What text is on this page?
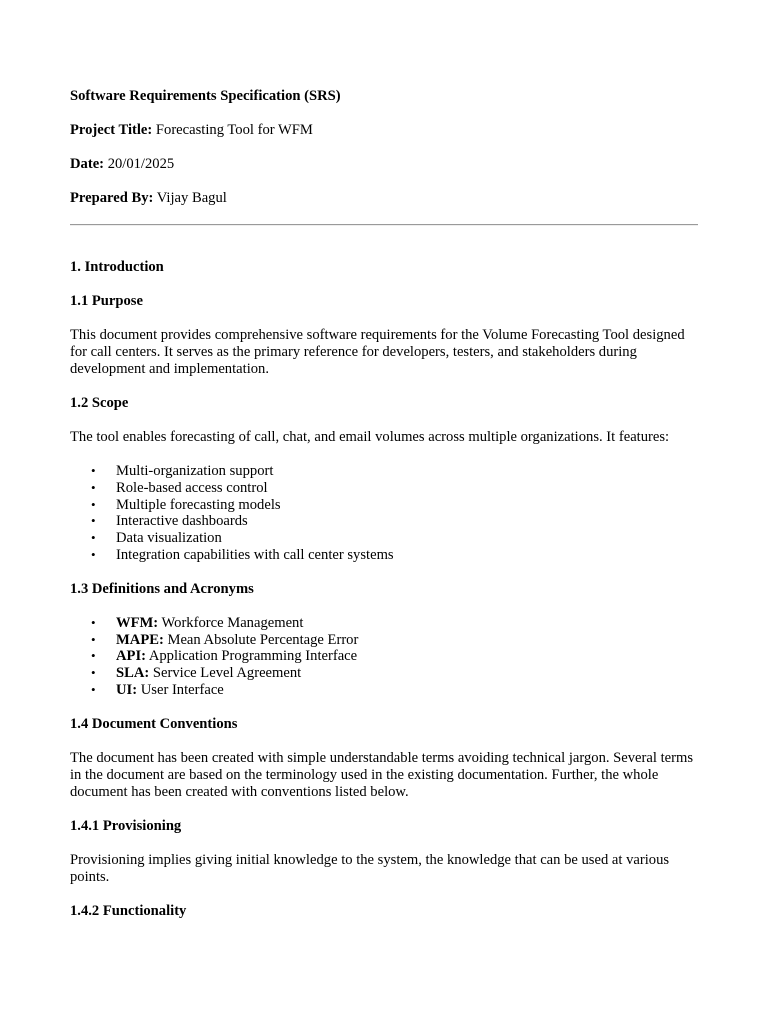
Software Requirements Specification (SRS)

Project Title: Forecasting Tool for WFM

Date: 20/01/2025

Prepared By: Vijay Bagul

1. Introduction
1.1 Purpose

This document provides comprehensive software requirements for the Volume Forecasting Tool designed for call centers. It serves as the primary reference for developers, testers, and stakeholders during development and implementation.

1.2 Scope

The tool enables forecasting of call, chat, and email volumes across multiple organizations. It features:

• Multi-organization support
• Role-based access control
• Multiple forecasting models
• Interactive dashboards
• Data visualization
• Integration capabilities with call center systems
1.3 Definitions and Acronyms
• WFM: Workforce Management
• MAPE: Mean Absolute Percentage Error
• API: Application Programming Interface
• SLA: Service Level Agreement
• UI: User Interface
1.4 Document Conventions

The document has been created with simple understandable terms avoiding technical jargon. Several terms in the document are based on the terminology used in the existing documentation. Further, the whole document has been created with conventions listed below.

1.4.1 Provisioning

Provisioning implies giving initial knowledge to the system, the knowledge that can be used at various points.

1.4.2 Functionality
